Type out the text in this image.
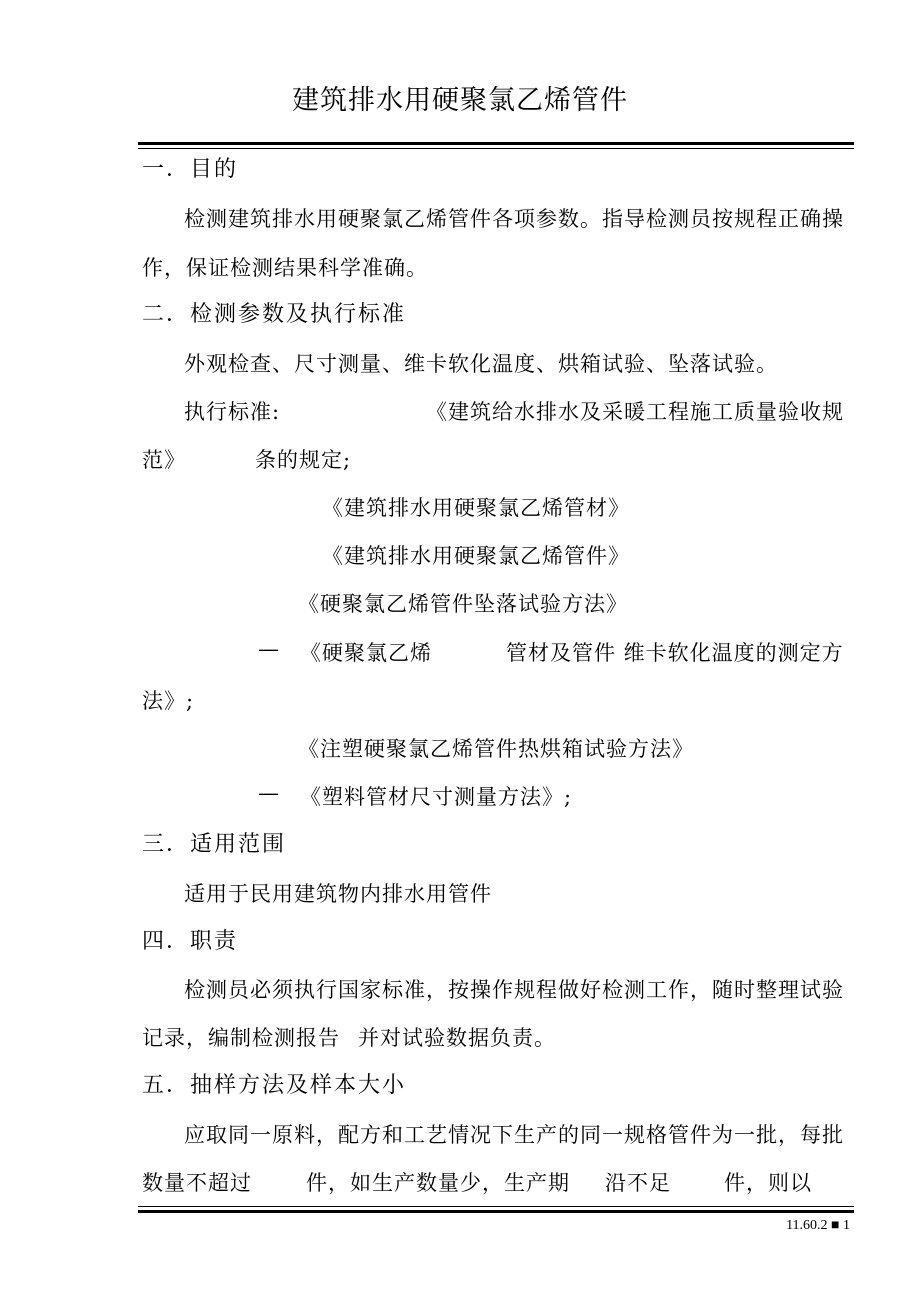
建筑排水用硬聚氯乙烯管件
一．目的
检测建筑排水用硬聚氯乙烯管件各项参数。指导检测员按规程正确操
作，保证检测结果科学准确。
二．检测参数及执行标准
外观检查、尺寸测量、维卡软化温度、烘箱试验、坠落试验。
执行标准:	《建筑给水排水及采暖工程施工质量验收规
范》	条的规定;
《建筑排水用硬聚氯乙烯管材》
《建筑排水用硬聚氯乙烯管件》
《硬聚氯乙烯管件坠落试验方法》
— 《硬聚氯乙烯	管材及管件 维卡软化温度的测定方
法》;
《注塑硬聚氯乙烯管件热烘箱试验方法》
— 《塑料管材尺寸测量方法》;
三．适用范围
适用于民用建筑物内排水用管件
四．职责
检测员必须执行国家标准，按操作规程做好检测工作，随时整理试验
记录，编制检测报告 并对试验数据负责。
五．抽样方法及样本大小
应取同一原料，配方和工艺情况下生产的同一规格管件为一批，每批
数量不超过	件，如生产数量少，生产期 沿不足	件，则以
11.60.2 ■ 1
